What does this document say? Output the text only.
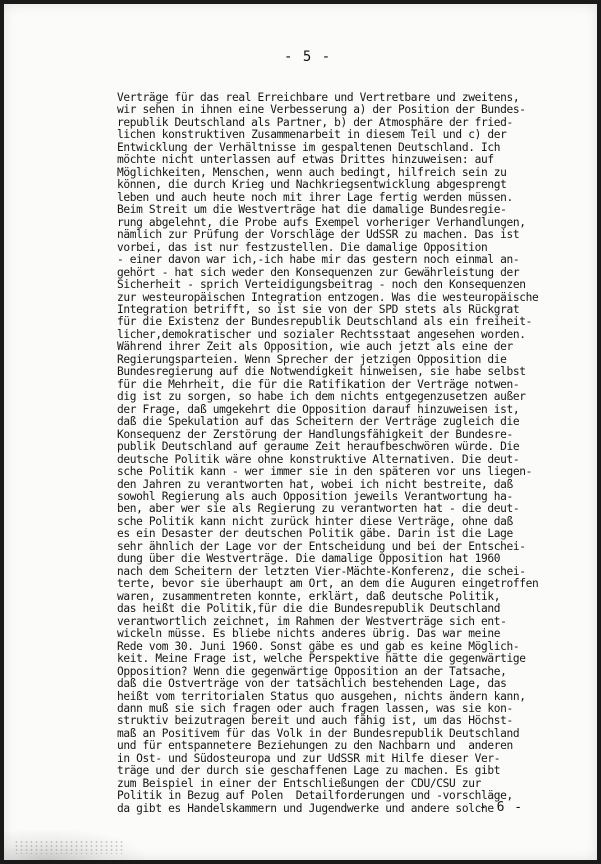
- 5 -
Verträge für das real Erreichbare und Vertretbare und zweitens,
wir sehen in ihnen eine Verbesserung a) der Position der Bundes-
republik Deutschland als Partner, b) der Atmosphäre der fried-
lichen konstruktiven Zusammenarbeit in diesem Teil und c) der
Entwicklung der Verhältnisse im gespaltenen Deutschland. Ich
möchte nicht unterlassen auf etwas Drittes hinzuweisen: auf
Möglichkeiten, Menschen, wenn auch bedingt, hilfreich sein zu
können, die durch Krieg und Nachkriegsentwicklung abgesprengt
leben und auch heute noch mit ihrer Lage fertig werden müssen.
Beim Streit um die Westverträge hat die damalige Bundesregie-
rung abgelehnt, die Probe aufs Exempel vorheriger Verhandlungen,
nämlich zur Prüfung der Vorschläge der UdSSR zu machen. Das ist
vorbei, das ist nur festzustellen. Die damalige Opposition
- einer davon war ich,-ich habe mir das gestern noch einmal an-
gehört - hat sich weder den Konsequenzen zur Gewährleistung der
Sicherheit - sprich Verteidigungsbeitrag - noch den Konsequenzen
zur westeuropäischen Integration entzogen. Was die westeuropäische
Integration betrifft, so ist sie von der SPD stets als Rückgrat
für die Existenz der Bundesrepublik Deutschland als ein freiheit-
licher,demokratischer und sozialer Rechtsstaat angesehen worden.
Während ihrer Zeit als Opposition, wie auch jetzt als eine der
Regierungsparteien. Wenn Sprecher der jetzigen Opposition die
Bundesregierung auf die Notwendigkeit hinweisen, sie habe selbst
für die Mehrheit, die für die Ratifikation der Verträge notwen-
dig ist zu sorgen, so habe ich dem nichts entgegenzusetzen außer
der Frage, daß umgekehrt die Opposition darauf hinzuweisen ist,
daß die Spekulation auf das Scheitern der Verträge zugleich die
Konsequenz der Zerstörung der Handlungsfähigkeit der Bundesre-
publik Deutschland auf geraume Zeit heraufbeschwören würde. Die
deutsche Politik wäre ohne konstruktive Alternativen. Die deut-
sche Politik kann - wer immer sie in den späteren vor uns liegen-
den Jahren zu verantworten hat, wobei ich nicht bestreite, daß
sowohl Regierung als auch Opposition jeweils Verantwortung ha-
ben, aber wer sie als Regierung zu verantworten hat - die deut-
sche Politik kann nicht zurück hinter diese Verträge, ohne daß
es ein Desaster der deutschen Politik gäbe. Darin ist die Lage
sehr ähnlich der Lage vor der Entscheidung und bei der Entschei-
dung über die Westverträge. Die damalige Opposition hat 1960
nach dem Scheitern der letzten Vier-Mächte-Konferenz, die schei-
terte, bevor sie überhaupt am Ort, an dem die Auguren eingetroffen
waren, zusammentreten konnte, erklärt, daß deutsche Politik,
das heißt die Politik,für die die Bundesrepublik Deutschland
verantwortlich zeichnet, im Rahmen der Westverträge sich ent-
wickeln müsse. Es bliebe nichts anderes übrig. Das war meine
Rede vom 30. Juni 1960. Sonst gäbe es und gab es keine Möglich-
keit. Meine Frage ist, welche Perspektive hätte die gegenwärtige
Opposition? Wenn die gegenwärtige Opposition an der Tatsache,
daß die Ostverträge von der tatsächlich bestehenden Lage, das
heißt vom territorialen Status quo ausgehen, nichts ändern kann,
dann muß sie sich fragen oder auch fragen lassen, was sie kon-
struktiv beizutragen bereit und auch fähig ist, um das Höchst-
maß an Positivem für das Volk in der Bundesrepublik Deutschland
und für entspannetere Beziehungen zu den Nachbarn und  anderen
in Ost- und Südosteuropa und zur UdSSR mit Hilfe dieser Ver-
träge und der durch sie geschaffenen Lage zu machen. Es gibt
zum Beispiel in einer der Entschließungen der CDU/CSU zur
Politik in Bezug auf Polen  Detailforderungen und -vorschläge,
da gibt es Handelskammern und Jugendwerke und andere solche
- 6 -
